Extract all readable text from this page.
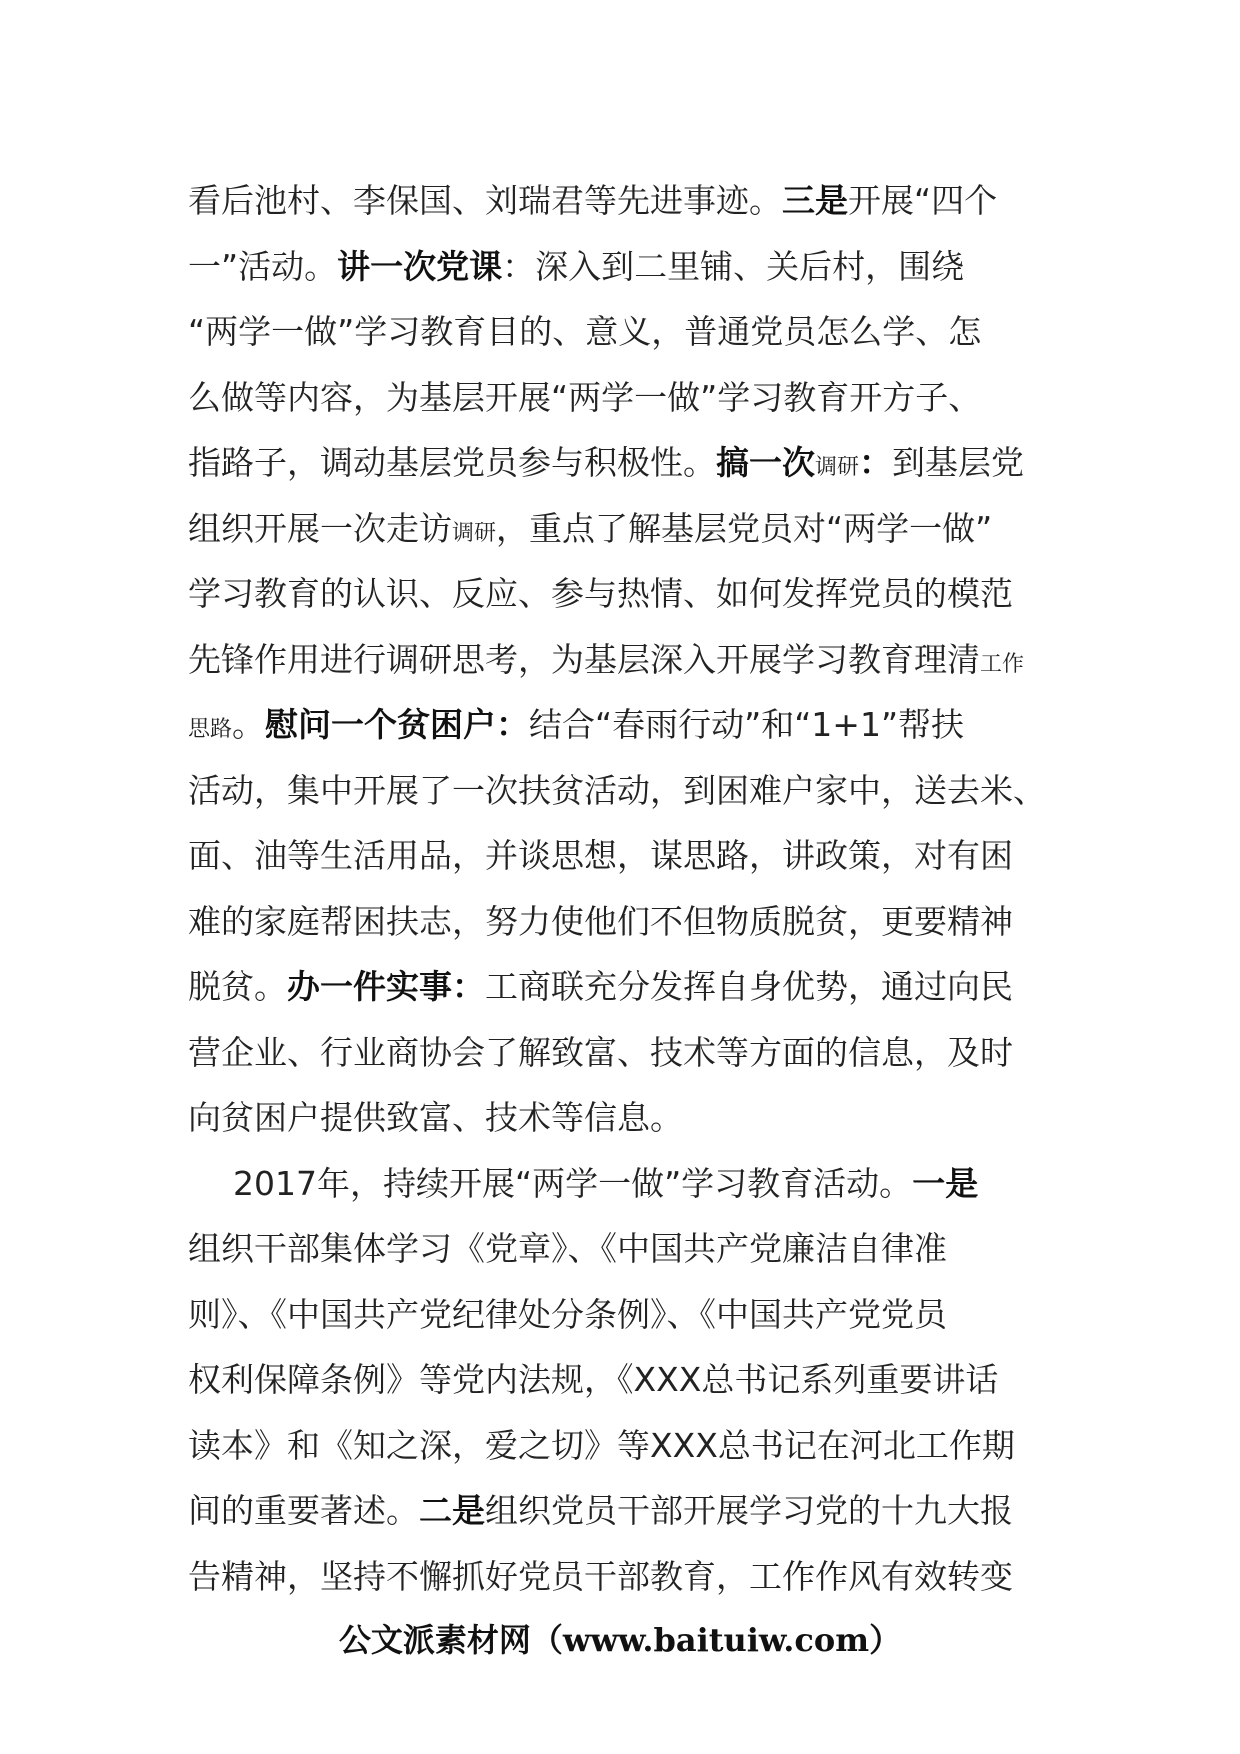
看后池村、李保国、刘瑞君等先进事迹。三是开展“四个
一”活动。讲一次党课：深入到二里铺、关后村，围绕
“两学一做”学习教育目的、意义，普通党员怎么学、怎
么做等内容，为基层开展“两学一做”学习教育开方子、
指路子，调动基层党员参与积极性。搞一次调研：到基层党
组织开展一次走访调研，重点了解基层党员对“两学一做”
学习教育的认识、反应、参与热情、如何发挥党员的模范
先锋作用进行调研思考，为基层深入开展学习教育理清工作
思路。慰问一个贫困户：结合“春雨行动”和“1+1”帮扶
活动，集中开展了一次扶贫活动，到困难户家中，送去米、
面、油等生活用品，并谈思想，谋思路，讲政策，对有困
难的家庭帮困扶志，努力使他们不但物质脱贫，更要精神
脱贫。办一件实事：工商联充分发挥自身优势，通过向民
营企业、行业商协会了解致富、技术等方面的信息，及时
向贫困户提供致富、技术等信息。
2017年，持续开展“两学一做”学习教育活动。一是
组织干部集体学习《党章》、《中国共产党廉洁自律准
则》、《中国共产党纪律处分条例》、《中国共产党党员
权利保障条例》等党内法规，《XXX总书记系列重要讲话
读本》和《知之深，爱之切》等XXX总书记在河北工作期
间的重要著述。二是组织党员干部开展学习党的十九大报
告精神，坚持不懈抓好党员干部教育，工作作风有效转变
公文派素材网（www.baituiw.com）
